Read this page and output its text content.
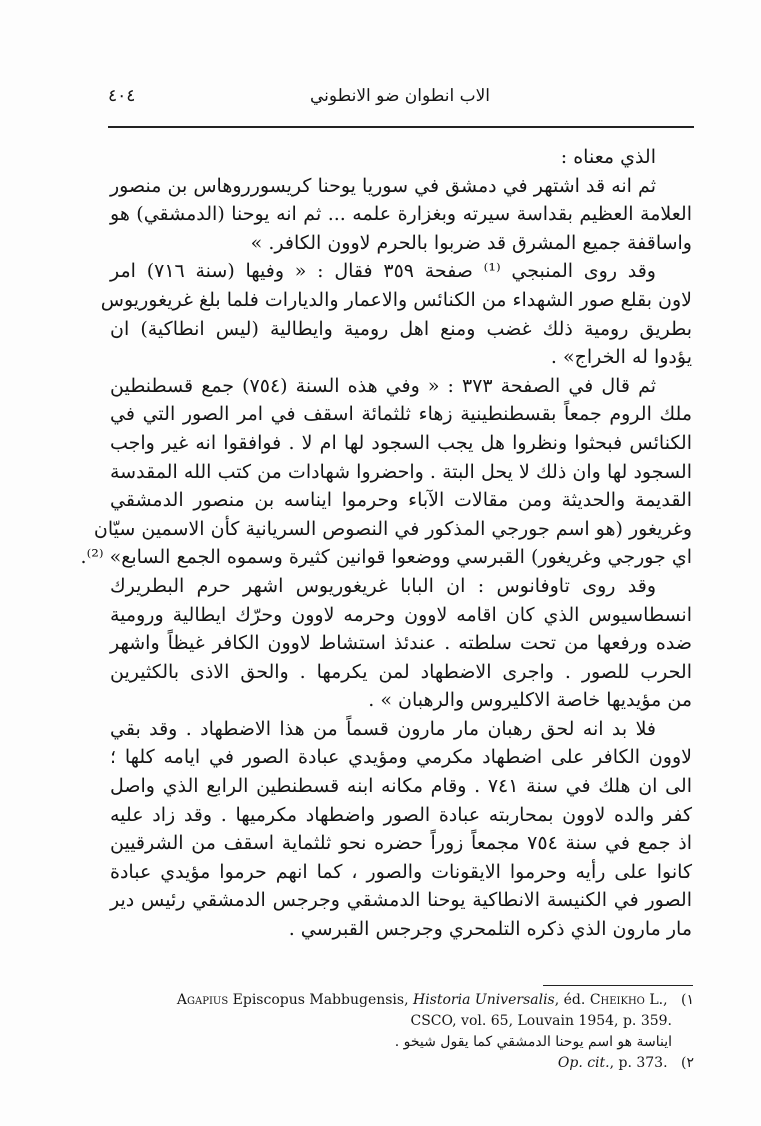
الاب انطوان ضو الانطوني
٤٠٤
الذي معناه :
ثم انه قد اشتهر في دمشق في سوريا يوحنا كريسورروهاس بن منصور
العلامة العظيم بقداسة سيرته وبغزارة علمه ... ثم انه يوحنا (الدمشقي) هو
واساقفة جميع المشرق قد ضربوا بالحرم لاوون الكافر. »
وقد روى المنبجي ⁽¹⁾ صفحة ٣٥٩ فقال : « وفيها (سنة ٧١٦) امر
لاون بقلع صور الشهداء من الكنائس والاعمار والديارات فلما بلغ غريغوريوس
بطريق رومية ذلك غضب ومنع اهل رومية وايطالية (ليس انطاكية) ان
يؤدوا له الخراج» .
ثم قال في الصفحة ٣٧٣ : « وفي هذه السنة (٧٥٤) جمع قسطنطين
ملك الروم جمعاً بقسطنطينية زهاء ثلثمائة اسقف في امر الصور التي في
الكنائس فبحثوا ونظروا هل يجب السجود لها ام لا . فوافقوا انه غير واجب
السجود لها وان ذلك لا يحل البتة . واحضروا شهادات من كتب الله المقدسة
القديمة والحديثة ومن مقالات الآباء وحرموا ايناسه بن منصور الدمشقي
وغريغور (هو اسم جورجي المذكور في النصوص السريانية كأن الاسمين سيّان
اي جورجي وغريغور) القبرسي ووضعوا قوانين كثيرة وسموه الجمع السابع» ⁽²⁾.
وقد روى تاوفانوس : ان البابا غريغوريوس اشهر حرم البطريرك
انسطاسيوس الذي كان اقامه لاوون وحرمه لاوون وحرّك ايطالية ورومية
ضده ورفعها من تحت سلطته . عندئذ استشاط لاوون الكافر غيظاً واشهر
الحرب للصور . واجرى الاضطهاد لمن يكرمها . والحق الاذى بالكثيرين
من مؤيديها خاصة الاكليروس والرهبان » .
فلا بد انه لحق رهبان مار مارون قسماً من هذا الاضطهاد . وقد بقي
لاوون الكافر على اضطهاد مكرمي ومؤيدي عبادة الصور في ايامه كلها ؛
الى ان هلك في سنة ٧٤١ . وقام مكانه ابنه قسطنطين الرابع الذي واصل
كفر والده لاوون بمحاربته عبادة الصور واضطهاد مكرميها . وقد زاد عليه
اذ جمع في سنة ٧٥٤ مجمعاً زوراً حضره نحو ثلثماية اسقف من الشرقيين
كانوا على رأيه وحرموا الايقونات والصور ، كما انهم حرموا مؤيدي عبادة
الصور في الكنيسة الانطاكية يوحنا الدمشقي وجرجس الدمشقي رئيس دير
مار مارون الذي ذكره التلمحري وجرجس القبرسي .
Agapius Episcopus Mabbugensis, Historia Universalis, éd. Cheikho L., (١
CSCO, vol. 65, Louvain 1954, p. 359.
ايناسة هو اسم يوحنا الدمشقي كما يقول شيخو .
Op. cit., p. 373. (٢
